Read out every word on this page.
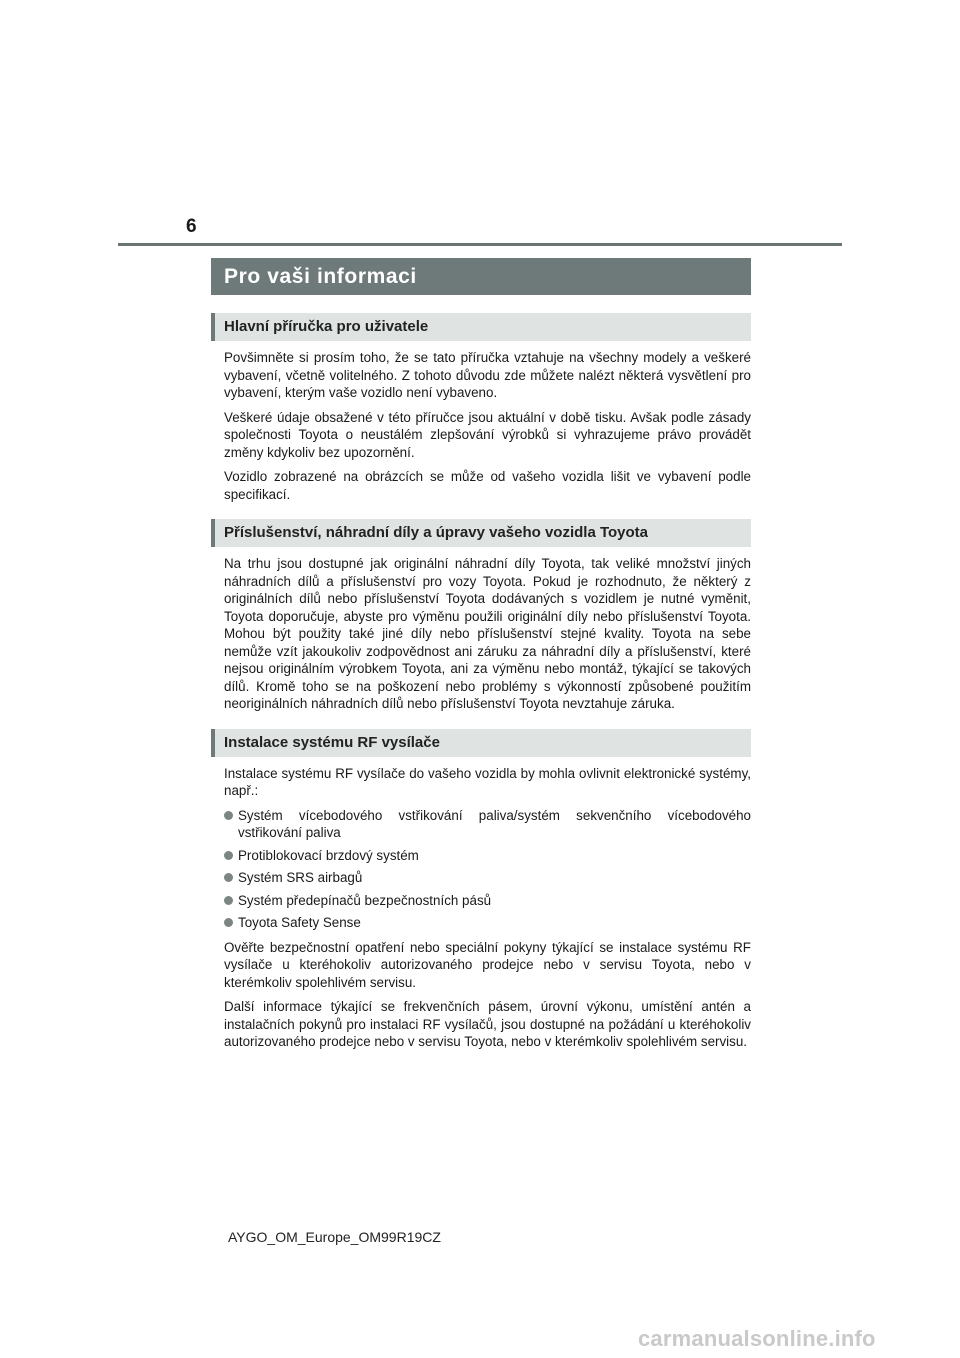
6
Pro vaši informaci
Hlavní příručka pro uživatele

Povšimněte si prosím toho, že se tato příručka vztahuje na všechny modely a veškeré vybavení, včetně volitelného. Z tohoto důvodu zde můžete nalézt některá vysvětlení pro vybavení, kterým vaše vozidlo není vybaveno.

Veškeré údaje obsažené v této příručce jsou aktuální v době tisku. Avšak podle zásady společnosti Toyota o neustálém zlepšování výrobků si vyhrazujeme právo provádět změny kdykoliv bez upozornění.

Vozidlo zobrazené na obrázcích se může od vašeho vozidla lišit ve vybavení podle specifikací.

Příslušenství, náhradní díly a úpravy vašeho vozidla Toyota

Na trhu jsou dostupné jak originální náhradní díly Toyota, tak veliké množství jiných náhradních dílů a příslušenství pro vozy Toyota. Pokud je rozhodnuto, že některý z originálních dílů nebo příslušenství Toyota dodávaných s vozidlem je nutné vyměnit, Toyota doporučuje, abyste pro výměnu použili originální díly nebo příslušenství Toyota. Mohou být použity také jiné díly nebo příslušenství stejné kvality. Toyota na sebe nemůže vzít jakoukoliv zodpovědnost ani záruku za náhradní díly a příslušenství, které nejsou originálním výrobkem Toyota, ani za výměnu nebo montáž, týkající se takových dílů. Kromě toho se na poškození nebo problémy s výkonností způsobené použitím neoriginálních náhradních dílů nebo příslušenství Toyota nevztahuje záruka.

Instalace systému RF vysílače

Instalace systému RF vysílače do vašeho vozidla by mohla ovlivnit elektronické systémy, např.:

Systém vícebodového vstřikování paliva/systém sekvenčního vícebodového vstřikování paliva
Protiblokovací brzdový systém
Systém SRS airbagů
Systém předepínačů bezpečnostních pásů
Toyota Safety Sense

Ověřte bezpečnostní opatření nebo speciální pokyny týkající se instalace systému RF vysílače u kteréhokoliv autorizovaného prodejce nebo v servisu Toyota, nebo v kterémkoliv spolehlivém servisu.

Další informace týkající se frekvenčních pásem, úrovní výkonu, umístění antén a instalačních pokynů pro instalaci RF vysílačů, jsou dostupné na požádání u kteréhokoliv autorizovaného prodejce nebo v servisu Toyota, nebo v kterémkoliv spolehlivém servisu.

AYGO_OM_Europe_OM99R19CZ
carmanualsonline.info
